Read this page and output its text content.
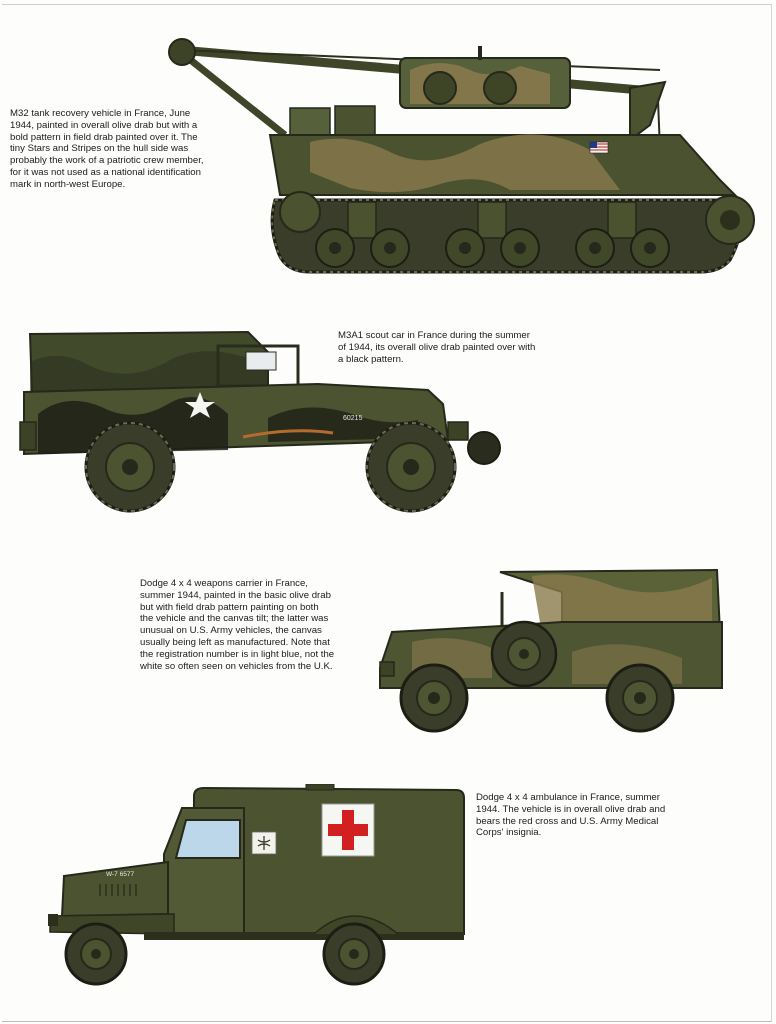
M32 tank recovery vehicle in France, June
1944, painted in overall olive drab but with a
bold pattern in field drab painted over it. The
tiny Stars and Stripes on the hull side was
probably the work of a patriotic crew member,
for it was not used as a national identification
mark in north-west Europe.

M3A1 scout car in France during the summer
of 1944, its overall olive drab painted over with
a black pattern.

60215

Dodge 4 x 4 weapons carrier in France,
summer 1944, painted in the basic olive drab
but with field drab pattern painting on both
the vehicle and the canvas tilt; the latter was
unusual on U.S. Army vehicles, the canvas
usually being left as manufactured. Note that
the registration number is in light blue, not the
white so often seen on vehicles from the U.K.

Dodge 4 x 4 ambulance in France, summer
1944. The vehicle is in overall olive drab and
bears the red cross and U.S. Army Medical
Corps' insignia.

W-7 6577
